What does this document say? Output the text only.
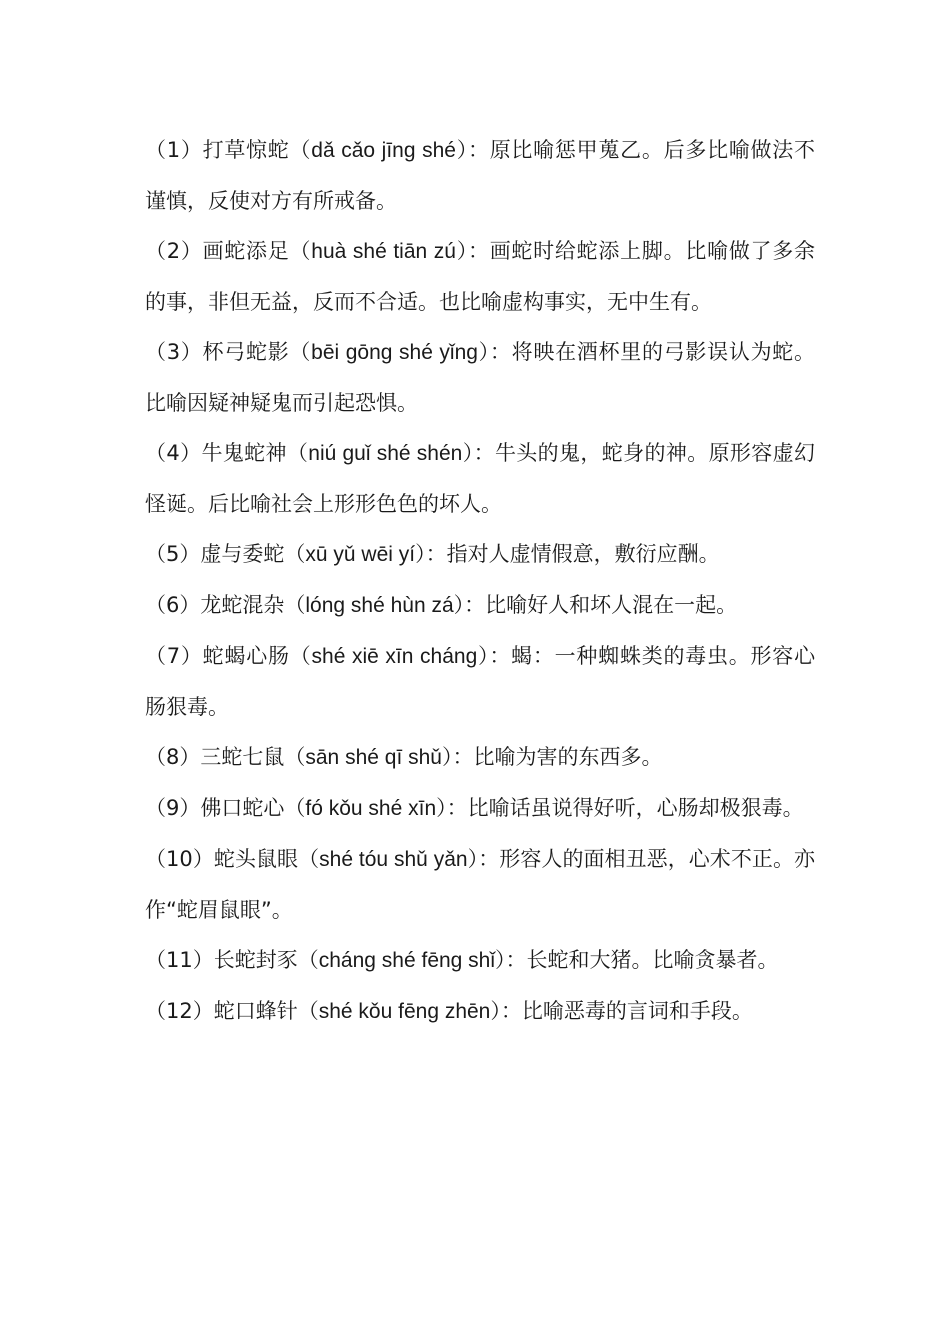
（1）打草惊蛇（dǎ cǎo jīng shé）：原比喻惩甲蒐乙。后多比喻做法不谨慎，反使对方有所戒备。

（2）画蛇添足（huà shé tiān zú）：画蛇时给蛇添上脚。比喻做了多余的事，非但无益，反而不合适。也比喻虚构事实，无中生有。

（3）杯弓蛇影（bēi gōng shé yǐng）：将映在酒杯里的弓影误认为蛇。比喻因疑神疑鬼而引起恐惧。

（4）牛鬼蛇神（niú guǐ shé shén）：牛头的鬼，蛇身的神。原形容虚幻怪诞。后比喻社会上形形色色的坏人。

（5）虚与委蛇（xū yǔ wēi yí）：指对人虚情假意，敷衍应酬。

（6）龙蛇混杂（lóng shé hùn zá）：比喻好人和坏人混在一起。

（7）蛇蝎心肠（shé xiē xīn cháng）：蝎：一种蜘蛛类的毒虫。形容心肠狠毒。

（8）三蛇七鼠（sān shé qī shǔ）：比喻为害的东西多。

（9）佛口蛇心（fó kǒu shé xīn）：比喻话虽说得好听，心肠却极狠毒。

（10）蛇头鼠眼（shé tóu shǔ yǎn）：形容人的面相丑恶，心术不正。亦作“蛇眉鼠眼”。

（11）长蛇封豕（cháng shé fēng shǐ）：长蛇和大猪。比喻贪暴者。

（12）蛇口蜂针（shé kǒu fēng zhēn）：比喻恶毒的言词和手段。
